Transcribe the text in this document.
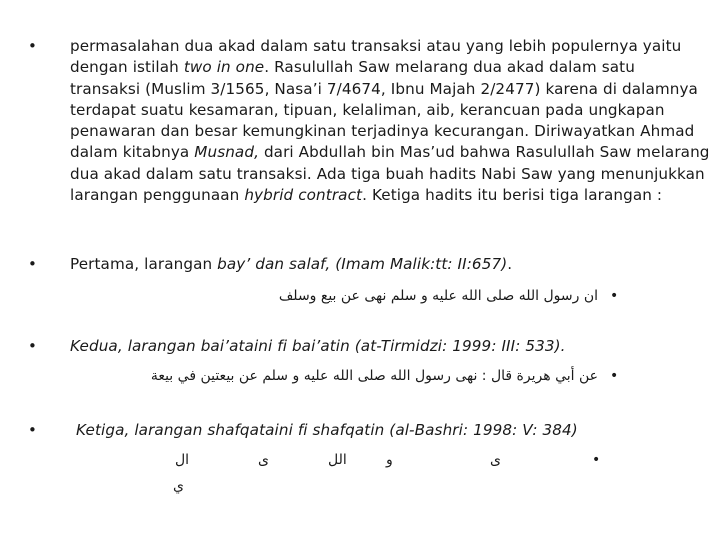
• permasalahan dua akad dalam satu transaksi atau yang lebih populernya yaitu dengan istilah two in one. Rasulullah Saw melarang dua akad dalam satu transaksi (Muslim 3/1565, Nasa’i 7/4674, Ibnu Majah 2/2477) karena di dalamnya terdapat suatu kesamaran, tipuan, kelaliman, aib, kerancuan pada ungkapan penawaran dan besar kemungkinan terjadinya kecurangan. Diriwayatkan Ahmad dalam kitabnya Musnad, dari Abdullah bin Mas’ud bahwa Rasulullah Saw melarang dua akad dalam satu transaksi. Ada tiga buah hadits Nabi Saw yang menunjukkan larangan penggunaan hybrid contract. Ketiga hadits itu berisi tiga larangan :
• Pertama, larangan bay’ dan salaf, (Imam Malik:tt: II:657).
•
ان رسول الله صلى الله عليه و سلم نهى عن بيع وسلف
• Kedua, larangan bai’ataini fi bai’atin (at-Tirmidzi: 1999: III: 533).
•
عن أبي هريرة قال : نهى رسول الله صلى الله عليه و سلم عن بيعتين في بيعة
•	Ketiga, larangan shafqataini fi shafqatin (al-Bashri: 1998: V: 384)
•
ى
و
الل
ى
ال
ي
